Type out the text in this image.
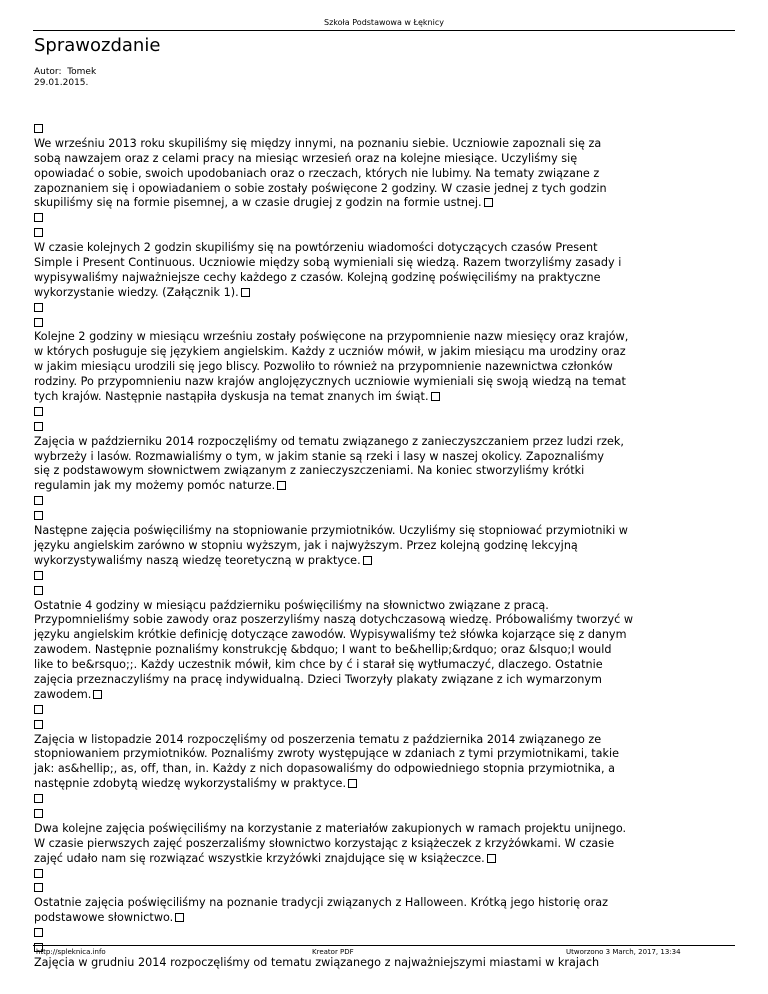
Szkoła Podstawowa w Łęknicy
Sprawozdanie
Autor:  Tomek
29.01.2015.
We wrześniu 2013 roku skupiliśmy się między innymi, na poznaniu siebie. Uczniowie zapoznali się za
sobą nawzajem oraz z celami pracy na miesiąc wrzesień oraz na kolejne miesiące. Uczyliśmy się
opowiadać o sobie, swoich upodobaniach oraz o rzeczach, których nie lubimy. Na tematy związane z
zapoznaniem się i opowiadaniem o sobie zostały poświęcone 2 godziny. W czasie jednej z tych godzin
skupiliśmy się na formie pisemnej, a w czasie drugiej z godzin na formie ustnej.
W czasie kolejnych 2 godzin skupiliśmy się na powtórzeniu wiadomości dotyczących czasów Present
Simple i Present Continuous. Uczniowie między sobą wymieniali się wiedzą. Razem tworzyliśmy zasady i
wypisywaliśmy najważniejsze cechy każdego z czasów. Kolejną godzinę poświęciliśmy na praktyczne
wykorzystanie wiedzy. (Załącznik 1).
Kolejne 2 godziny w miesiącu wrześniu zostały poświęcone na przypomnienie nazw miesięcy oraz krajów,
w których posługuje się językiem angielskim. Każdy z uczniów mówił, w jakim miesiącu ma urodziny oraz
w jakim miesiącu urodzili się jego bliscy. Pozwoliło to również na przypomnienie nazewnictwa członków
rodziny. Po przypomnieniu nazw krajów anglojęzycznych uczniowie wymieniali się swoją wiedzą na temat
tych krajów. Następnie nastąpiła dyskusja na temat znanych im świąt.
Zajęcia w październiku 2014 rozpoczęliśmy od tematu związanego z zanieczyszczaniem przez ludzi rzek,
wybrzeży i lasów. Rozmawialiśmy o tym, w jakim stanie są rzeki i lasy w naszej okolicy. Zapoznaliśmy
się z podstawowym słownictwem związanym z zanieczyszczeniami. Na koniec stworzyliśmy krótki
regulamin jak my możemy pomóc naturze.
Następne zajęcia poświęciliśmy na stopniowanie przymiotników. Uczyliśmy się stopniować przymiotniki w
języku angielskim zarówno w stopniu wyższym, jak i najwyższym. Przez kolejną godzinę lekcyjną
wykorzystywaliśmy naszą wiedzę teoretyczną w praktyce.
Ostatnie 4 godziny w miesiącu październiku poświęciliśmy na słownictwo związane z pracą.
Przypomnieliśmy sobie zawody oraz poszerzyliśmy naszą dotychczasową wiedzę. Próbowaliśmy tworzyć w
języku angielskim krótkie definicję dotyczące zawodów. Wypisywaliśmy też słówka kojarzące się z danym
zawodem. Następnie poznaliśmy konstrukcję &bdquo; I want to be&hellip;&rdquo; oraz &lsquo;I would
like to be&rsquo;;. Każdy uczestnik mówił, kim chce by ć i starał się wytłumaczyć, dlaczego. Ostatnie
zajęcia przeznaczyliśmy na pracę indywidualną. Dzieci Tworzyły plakaty związane z ich wymarzonym
zawodem.
Zajęcia w listopadzie 2014 rozpoczęliśmy od poszerzenia tematu z października 2014 związanego ze
stopniowaniem przymiotników. Poznaliśmy zwroty występujące w zdaniach z tymi przymiotnikami, takie
jak: as&hellip;, as, off, than, in. Każdy z nich dopasowaliśmy do odpowiedniego stopnia przymiotnika, a
następnie zdobytą wiedzę wykorzystaliśmy w praktyce.
Dwa kolejne zajęcia poświęciliśmy na korzystanie z materiałów zakupionych w ramach projektu unijnego.
W czasie pierwszych zajęć poszerzaliśmy słownictwo korzystając z książeczek z krzyżówkami. W czasie
zajęć udało nam się rozwiązać wszystkie krzyżówki znajdujące się w książeczce.
Ostatnie zajęcia poświęciliśmy na poznanie tradycji związanych z Halloween. Krótką jego historię oraz
podstawowe słownictwo.
Zajęcia w grudniu 2014 rozpoczęliśmy od tematu związanego z najważniejszymi miastami w krajach
http://spleknica.info	Kreator PDF	Utworzono 3 March, 2017, 13:34
